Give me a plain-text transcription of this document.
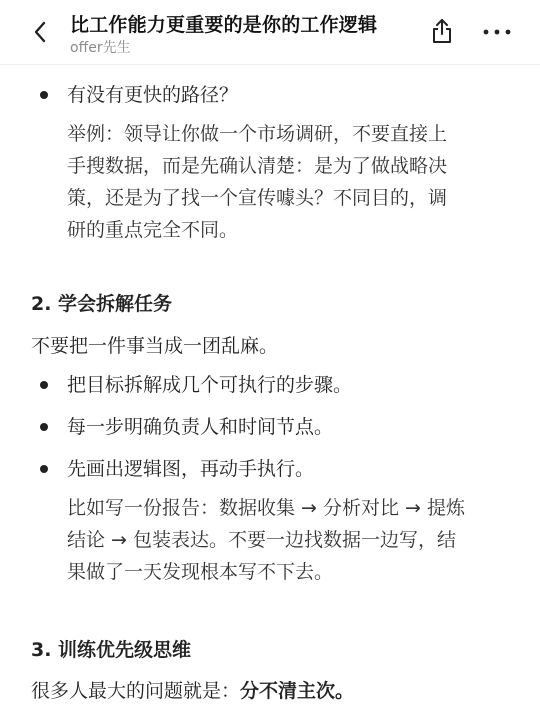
比工作能力更重要的是你的工作逻辑
offer先生
有没有更快的路径？
举例：领导让你做一个市场调研，不要直接上
手搜数据，而是先确认清楚：是为了做战略决
策，还是为了找一个宣传噱头？不同目的，调
研的重点完全不同。
2. 学会拆解任务
不要把一件事当成一团乱麻。
把目标拆解成几个可执行的步骤。
每一步明确负责人和时间节点。
先画出逻辑图，再动手执行。
比如写一份报告：数据收集 → 分析对比 → 提炼
结论 → 包装表达。不要一边找数据一边写，结
果做了一天发现根本写不下去。
3. 训练优先级思维
很多人最大的问题就是：分不清主次。
